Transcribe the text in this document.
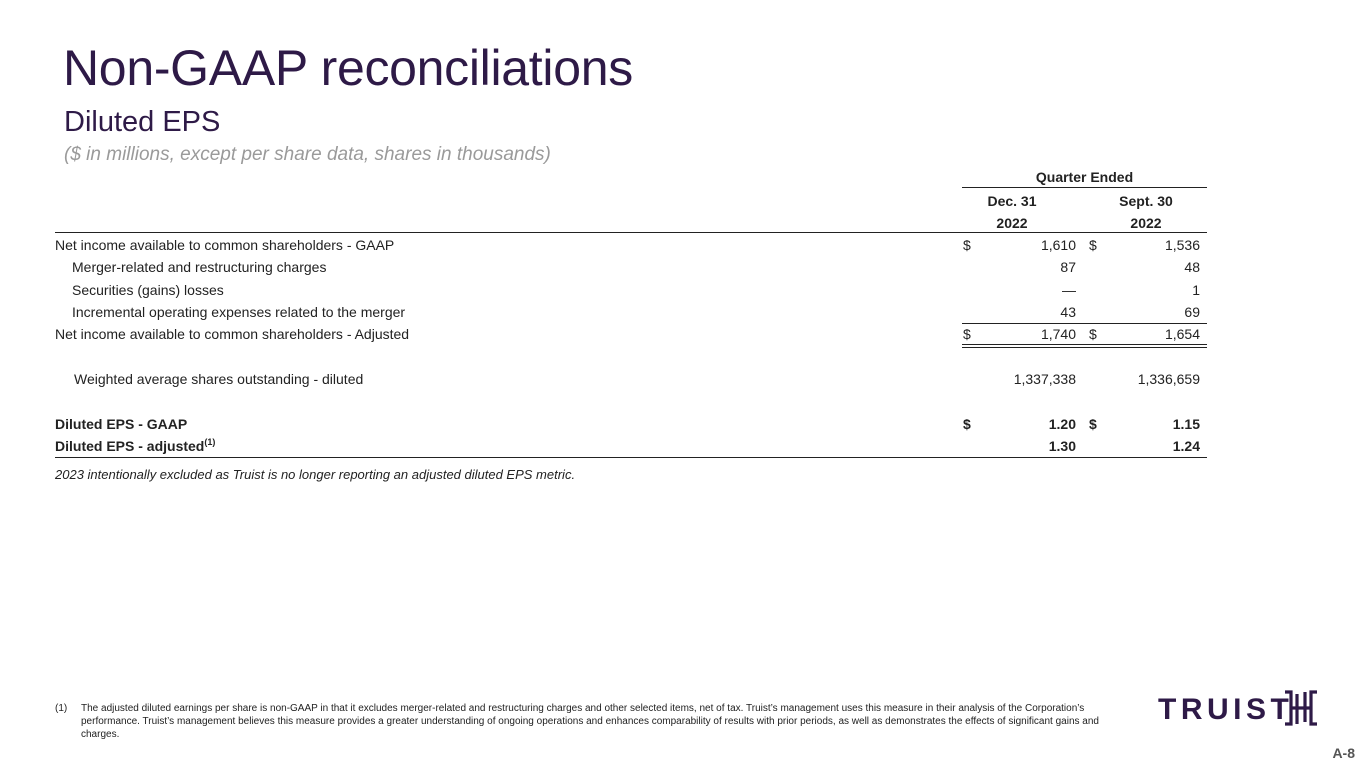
Non-GAAP reconciliations
Diluted EPS
($ in millions, except per share data, shares in thousands)
Quarter Ended
Dec. 31	Sept. 30
2022	2022
Net income available to common shareholders - GAAP	$	1,610 $	1,536
Merger-related and restructuring charges	87	48
Securities (gains) losses	—	1
Incremental operating expenses related to the merger	43	69
Net income available to common shareholders - Adjusted	$	1,740 $	1,654
Weighted average shares outstanding - diluted	1,337,338	1,336,659
Diluted EPS - GAAP	$	1.20 $	1.15
Diluted EPS - adjusted$^{(1)}$	1.30	1.24
2023 intentionally excluded as Truist is no longer reporting an adjusted diluted EPS metric.
(1) The adjusted diluted earnings per share is non-GAAP in that it excludes merger-related and restructuring charges and other selected items, net of tax. Truist’s management uses this measure in their analysis of the Corporation’s performance. Truist’s management believes this measure provides a greater understanding of ongoing operations and enhances comparability of results with prior periods, as well as demonstrates the effects of significant gains and charges.
TRUIST
A-8
